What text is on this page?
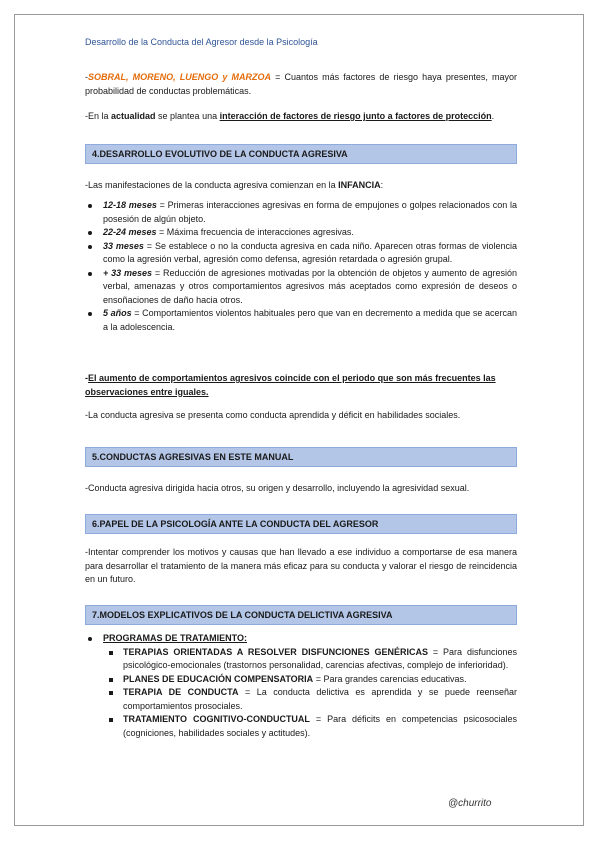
Desarrollo de la Conducta del Agresor desde la Psicología
-SOBRAL, MORENO, LUENGO y MARZOA = Cuantos más factores de riesgo haya presentes, mayor probabilidad de conductas problemáticas.
-En la actualidad se plantea una interacción de factores de riesgo junto a factores de protección.
4.DESARROLLO EVOLUTIVO DE LA CONDUCTA AGRESIVA
-Las manifestaciones de la conducta agresiva comienzan en la INFANCIA:
12-18 meses = Primeras interacciones agresivas en forma de empujones o golpes relacionados con la posesión de algún objeto.
22-24 meses = Máxima frecuencia de interacciones agresivas.
33 meses = Se establece o no la conducta agresiva en cada niño. Aparecen otras formas de violencia como la agresión verbal, agresión como defensa, agresión retardada o agresión grupal.
+ 33 meses = Reducción de agresiones motivadas por la obtención de objetos y aumento de agresión verbal, amenazas y otros comportamientos agresivos más aceptados como expresión de deseos o ensoñaciones de daño hacia otros.
5 años = Comportamientos violentos habituales pero que van en decremento a medida que se acercan a la adolescencia.
-El aumento de comportamientos agresivos coincide con el periodo que son más frecuentes las observaciones entre iguales.
-La conducta agresiva se presenta como conducta aprendida y déficit en habilidades sociales.
5.CONDUCTAS AGRESIVAS EN ESTE MANUAL
-Conducta agresiva dirigida hacia otros, su origen y desarrollo, incluyendo la agresividad sexual.
6.PAPEL DE LA PSICOLOGÍA ANTE LA CONDUCTA DEL AGRESOR
-Intentar comprender los motivos y causas que han llevado a ese individuo a comportarse de esa manera para desarrollar el tratamiento de la manera más eficaz para su conducta y valorar el riesgo de reincidencia en un futuro.
7.MODELOS EXPLICATIVOS DE LA CONDUCTA DELICTIVA AGRESIVA
PROGRAMAS DE TRATAMIENTO:
TERAPIAS ORIENTADAS A RESOLVER DISFUNCIONES GENÉRICAS = Para disfunciones psicológico-emocionales (trastornos personalidad, carencias afectivas, complejo de inferioridad).
PLANES DE EDUCACIÓN COMPENSATORIA = Para grandes carencias educativas.
TERAPIA DE CONDUCTA = La conducta delictiva es aprendida y se puede reenseñar comportamientos prosociales.
TRATAMIENTO COGNITIVO-CONDUCTUAL = Para déficits en competencias psicosociales (cogniciones, habilidades sociales y actitudes).
@churrito
